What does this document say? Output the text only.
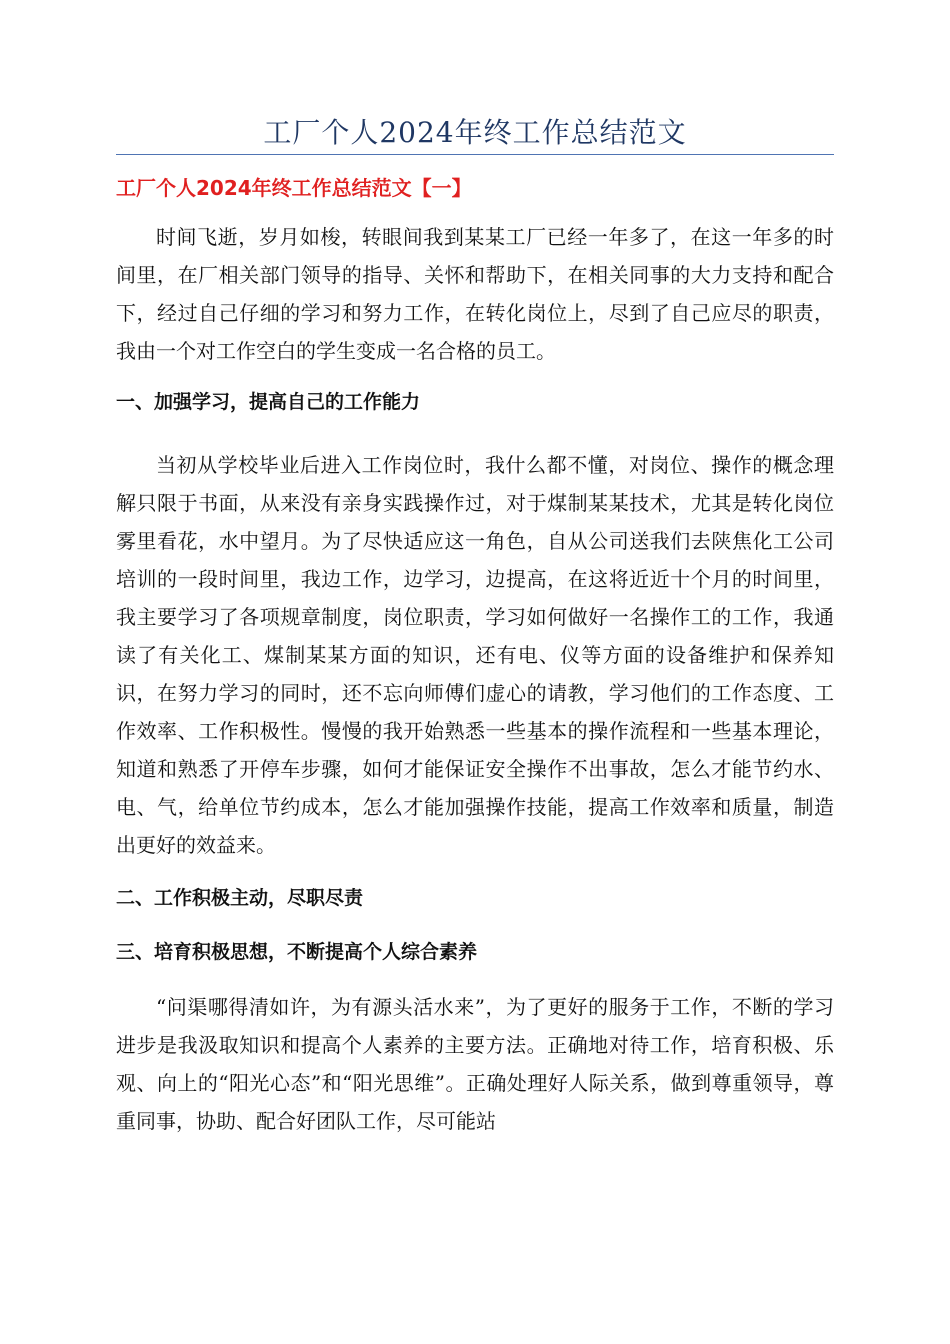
工厂个人2024年终工作总结范文
工厂个人2024年终工作总结范文【一】

时间飞逝，岁月如梭，转眼间我到某某工厂已经一年多了，在这一年多的时间里，在厂相关部门领导的指导、关怀和帮助下，在相关同事的大力支持和配合下，经过自己仔细的学习和努力工作，在转化岗位上，尽到了自己应尽的职责，我由一个对工作空白的学生变成一名合格的员工。

一、加强学习，提高自己的工作能力

当初从学校毕业后进入工作岗位时，我什么都不懂，对岗位、操作的概念理解只限于书面，从来没有亲身实践操作过，对于煤制某某技术，尤其是转化岗位雾里看花，水中望月。为了尽快适应这一角色，自从公司送我们去陕焦化工公司培训的一段时间里，我边工作，边学习，边提高，在这将近近十个月的时间里，我主要学习了各项规章制度，岗位职责，学习如何做好一名操作工的工作，我通读了有关化工、煤制某某方面的知识，还有电、仪等方面的设备维护和保养知识，在努力学习的同时，还不忘向师傅们虚心的请教，学习他们的工作态度、工作效率、工作积极性。慢慢的我开始熟悉一些基本的操作流程和一些基本理论，知道和熟悉了开停车步骤，如何才能保证安全操作不出事故，怎么才能节约水、电、气，给单位节约成本，怎么才能加强操作技能，提高工作效率和质量，制造出更好的效益来。

二、工作积极主动，尽职尽责
三、培育积极思想，不断提高个人综合素养

“问渠哪得清如许，为有源头活水来”，为了更好的服务于工作，不断的学习进步是我汲取知识和提高个人素养的主要方法。正确地对待工作，培育积极、乐观、向上的“阳光心态”和“阳光思维”。正确处理好人际关系，做到尊重领导，尊重同事，协助、配合好团队工作，尽可能站
